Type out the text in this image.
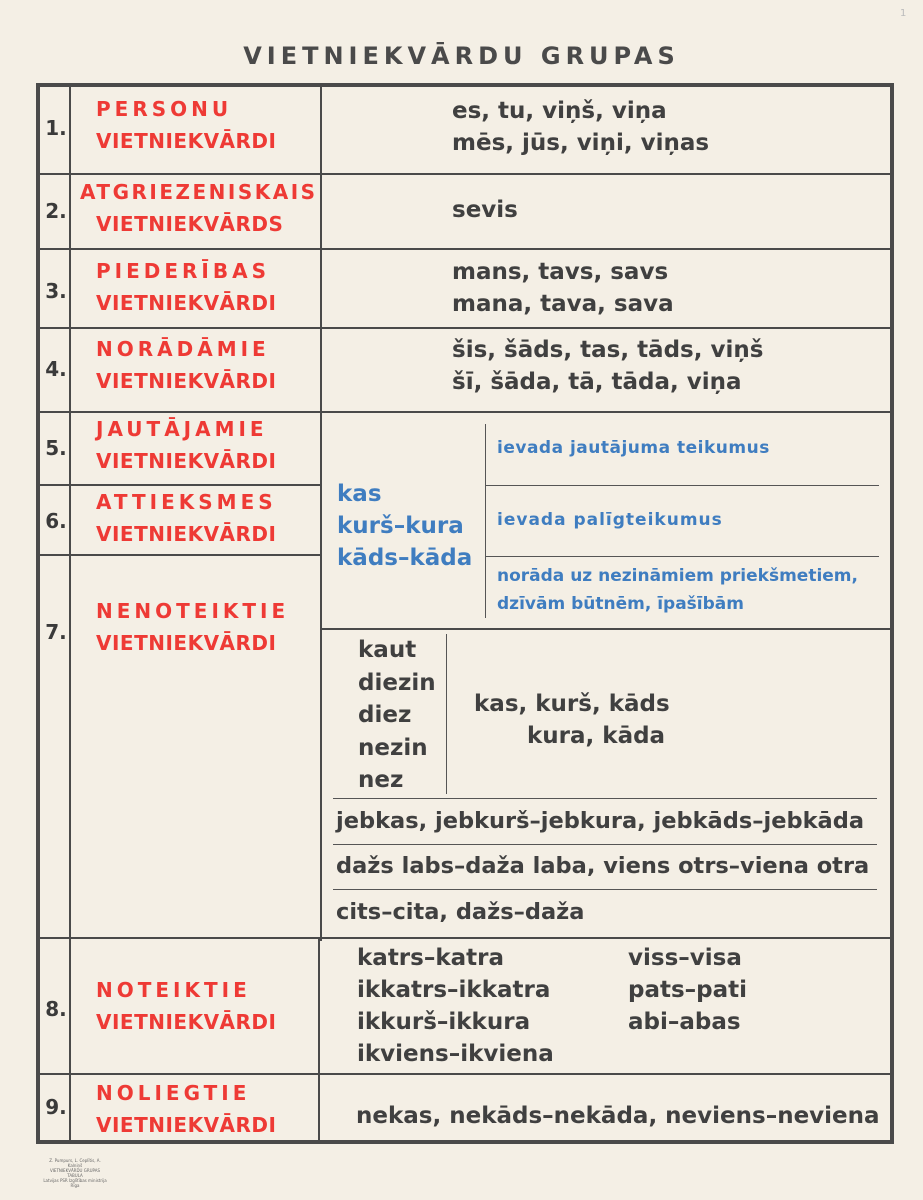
1
VIETNIEKVĀRDU GRUPAS
1.
2.
3.
4.
5.
6.
7.
8.
9.
PERSONU
VIETNIEKVĀRDI
ATGRIEZENISKAIS
VIETNIEKVĀRDS
PIEDERĪBAS
VIETNIEKVĀRDI
NORĀDĀMIE
VIETNIEKVĀRDI
JAUTĀJAMIE
VIETNIEKVĀRDI
ATTIEKSMES
VIETNIEKVĀRDI
NENOTEIKTIE
VIETNIEKVĀRDI
NOTEIKTIE
VIETNIEKVĀRDI
NOLIEGTIE
VIETNIEKVĀRDI
es, tu, viņš, viņa
mēs, jūs, viņi, viņas
sevis
mans, tavs, savs
mana, tava, sava
šis, šāds, tas, tāds, viņš
šī, šāda, tā, tāda, viņa
kas
kurš–kura
kāds–kāda
ievada jautājuma teikumus
ievada palīgteikumus
norāda uz nezināmiem priekšmetiem,
dzīvām būtnēm, īpašībām
kaut
diezin
diez
nezin
nez
kas, kurš, kāds
kura, kāda
jebkas, jebkurš–jebkura, jebkāds–jebkāda
dažs labs–daža laba, viens otrs–viena otra
cits–cita, dažs–daža
katrs–katra
ikkatrs–ikkatra
ikkurš–ikkura
ikviens–ikviena
viss–visa
pats–pati
abi–abas
nekas, nekāds–nekāda, neviens–neviena
Z. Pumpurs, L. Ceplītis, A. Kalniņš
VIETNIEKVĀRDU GRUPAS TABULA
Latvijas PSR Izglītības ministrija
Rīga
